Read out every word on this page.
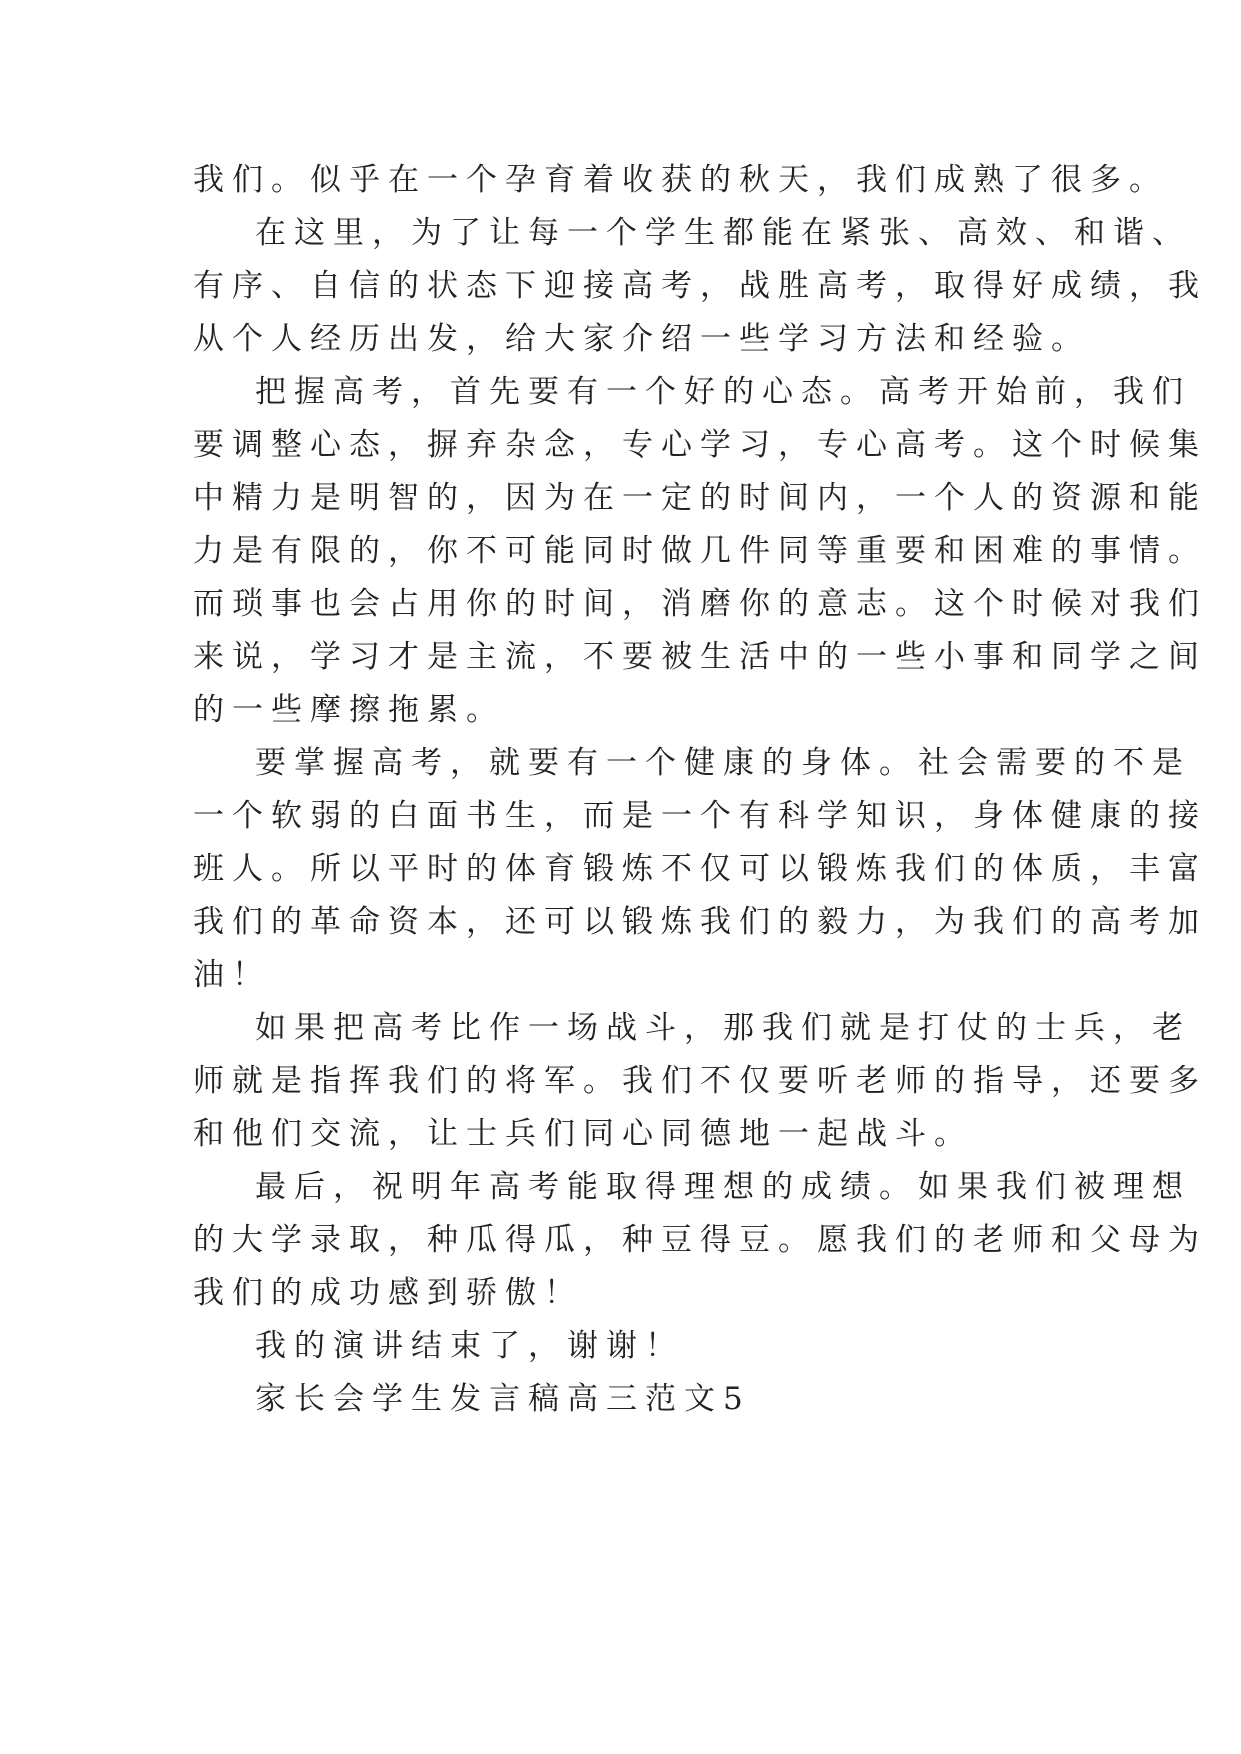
我们。似乎在一个孕育着收获的秋天，我们成熟了很多。
在这里，为了让每一个学生都能在紧张、高效、和谐、
有序、自信的状态下迎接高考，战胜高考，取得好成绩，我
从个人经历出发，给大家介绍一些学习方法和经验。
把握高考，首先要有一个好的心态。高考开始前，我们
要调整心态，摒弃杂念，专心学习，专心高考。这个时候集
中精力是明智的，因为在一定的时间内，一个人的资源和能
力是有限的，你不可能同时做几件同等重要和困难的事情。
而琐事也会占用你的时间，消磨你的意志。这个时候对我们
来说，学习才是主流，不要被生活中的一些小事和同学之间
的一些摩擦拖累。
要掌握高考，就要有一个健康的身体。社会需要的不是
一个软弱的白面书生，而是一个有科学知识，身体健康的接
班人。所以平时的体育锻炼不仅可以锻炼我们的体质，丰富
我们的革命资本，还可以锻炼我们的毅力，为我们的高考加
油！
如果把高考比作一场战斗，那我们就是打仗的士兵，老
师就是指挥我们的将军。我们不仅要听老师的指导，还要多
和他们交流，让士兵们同心同德地一起战斗。
最后，祝明年高考能取得理想的成绩。如果我们被理想
的大学录取，种瓜得瓜，种豆得豆。愿我们的老师和父母为
我们的成功感到骄傲！
我的演讲结束了，谢谢！
家长会学生发言稿高三范文5
